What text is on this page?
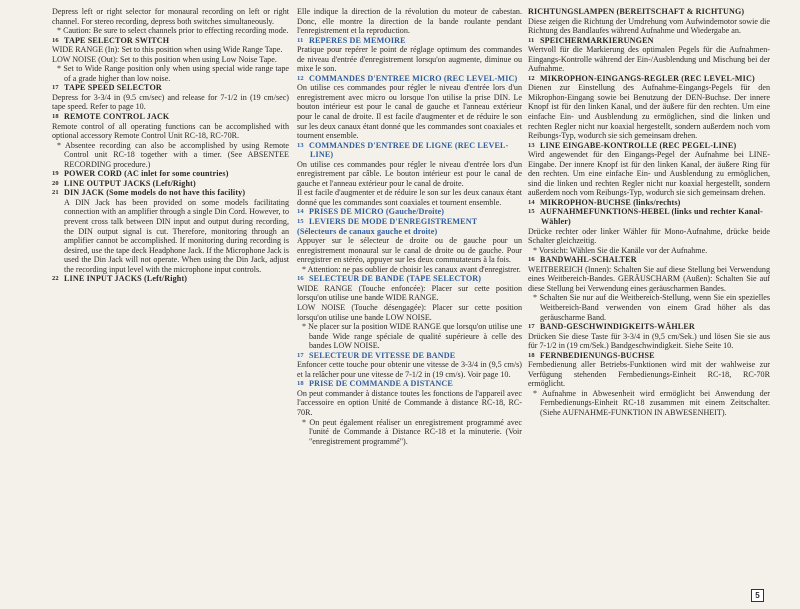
Depress left or right selector for monaural recording on left or right channel. For stereo recording, depress both switches simultaneously.

* Caution: Be sure to select channels prior to effecting recording mode.

16 TAPE SELECTOR SWITCH

WIDE RANGE (In): Set to this position when using Wide Range Tape.

LOW NOISE (Out): Set to this position when using Low Noise Tape.

* Set to Wide Range position only when using special wide range tape of a grade higher than low noise.

17 TAPE SPEED SELECTOR

Depress for 3-3/4 in (9.5 cm/sec) and release for 7-1/2 in (19 cm/sec) tape speed. Refer to page 10.

18 REMOTE CONTROL JACK

Remote control of all operating functions can be accomplished with optional accessory Remote Control Unit RC-18, RC-70R.

* Absentee recording can also be accomplished by using Remote Control unit RC-18 together with a timer. (See ABSENTEE RECORDING procedure.)

19 POWER CORD (AC inlet for some countries)
20 LINE OUTPUT JACKS (Left/Right)
21 DIN JACK (Some models do not have this facility)

A DIN Jack has been provided on some models facilitating connection with an amplifier through a single Din Cord. However, to prevent cross talk between DIN input and output during recording, the DIN output signal is cut. Therefore, monitoring through an amplifier cannot be accomplished. If monitoring during recording is desired, use the tape deck Headphone Jack. If the Microphone Jack is used the Din Jack will not operate. When using the Din Jack, adjust the recording input level with the microphone input controls.

22 LINE INPUT JACKS (Left/Right)

Elle indique la direction de la révolution du moteur de cabestan. Donc, elle montre la direction de la bande roulante pendant l'enregistrement et la reproduction.

11 REPERES DE MEMOIRE

Pratique pour repérer le point de réglage optimum des commandes de niveau d'entrée d'enregistrement lorsqu'on augmente, diminue ou mixe le son.

12 COMMANDES D'ENTREE MICRO (REC LEVEL-MIC)

On utilise ces commandes pour régler le niveau d'entrée lors d'un enregistrement avec micro ou lorsque l'on utilise la prise DIN. Le bouton intérieur est pour le canal de gauche et l'anneau extérieur pour le canal de droite. Il est facile d'augmenter et de réduire le son sur les deux canaux étant donné que les commandes sont coaxiales et tournent ensemble.

13 COMMANDES D'ENTREE DE LIGNE (REC LEVEL-LINE)

On utilise ces commandes pour régler le niveau d'entrée lors d'un enregistrement par câble. Le bouton intérieur est pour le canal de gauche et l'anneau extérieur pour le canal de droite.

Il est facile d'augmenter et de réduire le son sur les deux canaux étant donné que les commandes sont coaxiales et tournent ensemble.

14 PRISES DE MICRO (Gauche/Droite)
15 LEVIERS DE MODE D'ENREGISTREMENT
(Sélecteurs de canaux gauche et droite)

Appuyer sur le sélecteur de droite ou de gauche pour un enregistrement monaural sur le canal de droite ou de gauche. Pour enregistrer en stéréo, appuyer sur les deux commutateurs à la fois.

* Attention: ne pas oublier de choisir les canaux avant d'enregistrer.

16 SELECTEUR DE BANDE (TAPE SELECTOR)

WIDE RANGE (Touche enfoncée): Placer sur cette position lorsqu'on utilise une bande WIDE RANGE.

LOW NOISE (Touche désengagée): Placer sur cette position lorsqu'on utilise une bande LOW NOISE.

* Ne placer sur la position WIDE RANGE que lorsqu'on utilise une bande Wide range spéciale de qualité supérieure à celle des bandes LOW NOISE.

17 SELECTEUR DE VITESSE DE BANDE

Enfoncer cette touche pour obtenir une vitesse de 3-3/4 in (9,5 cm/s) et la relâcher pour une vitesse de 7-1/2 in (19 cm/s). Voir page 10.

18 PRISE DE COMMANDE A DISTANCE

On peut commander à distance toutes les fonctions de l'appareil avec l'accessoire en option Unité de Commande à distance RC-18, RC-70R.

* On peut également réaliser un enregistrement programmé avec l'unité de Commande à Distance RC-18 et la minuterie. (Voir "enregistrement programmé").

RICHTUNGSLAMPEN (BEREITSCHAFT & RICHTUNG)

Diese zeigen die Richtung der Umdrehung vom Aufwindemotor sowie die Richtung des Bandlaufes während Aufnahme und Wiedergabe an.

11 SPEICHERMARKIERUNGEN

Wertvoll für die Markierung des optimalen Pegels für die Aufnahmen-Eingangs-Kontrolle während der Ein-/Ausblendung und Mischung bei der Aufnahme.

12 MIKROPHON-EINGANGS-REGLER (REC LEVEL-MIC)

Dienen zur Einstellung des Aufnahme-Eingangs-Pegels für den Mikrophon-Eingang sowie bei Benutzung der DEN-Buchse. Der innere Knopf ist für den linken Kanal, und der äußere für den rechten. Um eine einfache Ein- und Ausblendung zu ermöglichen, sind die linken und rechten Regler nicht nur koaxial hergestellt, sondern außerdem noch vom Reibungs-Typ, wodurch sie sich gemeinsam drehen.

13 LINE EINGABE-KONTROLLE (REC PEGEL-LINE)

Wird angewendet für den Eingangs-Pegel der Aufnahme bei LINE-Eingabe. Der innere Knopf ist für den linken Kanal, der äußere Ring für den rechten. Um eine einfache Ein- und Ausblendung zu ermöglichen, sind die linken und rechten Regler nicht nur koaxial hergestellt, sondern außerdem noch vom Reibungs-Typ, wodurch sie sich gemeinsam drehen.

14 MIKROPHON-BUCHSE (links/rechts)
15 AUFNAHMEFUNKTIONS-HEBEL (links und rechter Kanal-Wähler)

Drücke rechter oder linker Wähler für Mono-Aufnahme, drücke beide Schalter gleichzeitig.

* Vorsicht: Wählen Sie die Kanäle vor der Aufnahme.

16 BANDWAHL-SCHALTER

WEITBEREICH (Innen): Schalten Sie auf diese Stellung bei Verwendung eines Weitbereich-Bandes. GERÄUSCHARM (Außen): Schalten Sie auf diese Stellung bei Verwendung eines geräuscharmen Bandes.

* Schalten Sie nur auf die Weitbereich-Stellung, wenn Sie ein spezielles Weitbereich-Band verwenden von einem Grad höher als das geräuscharme Band.

17 BAND-GESCHWINDIGKEITS-WÄHLER

Drücken Sie diese Taste für 3-3/4 in (9,5 cm/Sek.) und lösen Sie sie aus für 7-1/2 in (19 cm/Sek.) Bandgeschwindigkeit. Siehe Seite 10.

18 FERNBEDIENUNGS-BUCHSE

Fernbedienung aller Betriebs-Funktionen wird mit der wahlweise zur Verfügung stehenden Fernbedienungs-Einheit RC-18, RC-70R ermöglicht.

* Aufnahme in Abwesenheit wird ermöglicht bei Anwendung der Fernbedienungs-Einheit RC-18 zusammen mit einem Zeitschalter. (Siehe AUFNAHME-FUNKTION IN ABWESENHEIT).

5
